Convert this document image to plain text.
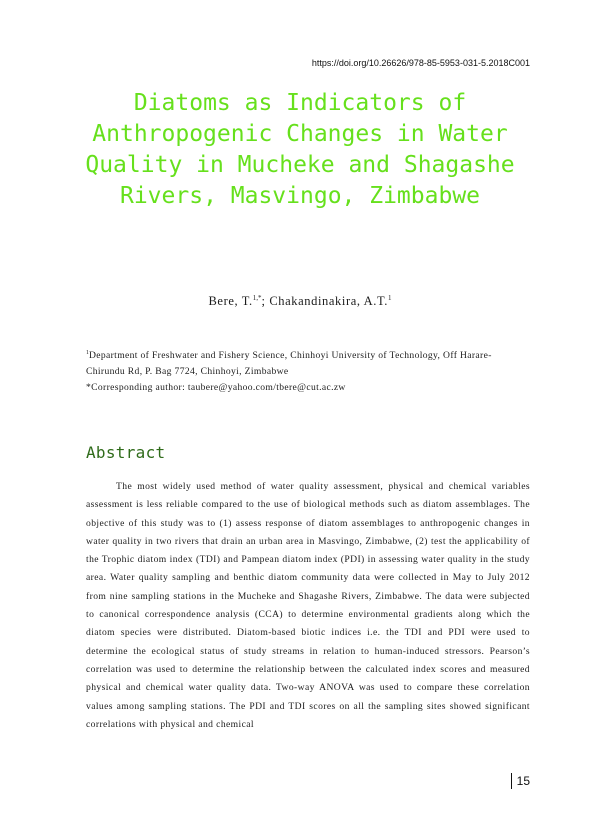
https://doi.org/10.26626/978-85-5953-031-5.2018C001
Diatoms as Indicators of Anthropogenic Changes in Water Quality in Mucheke and Shagashe Rivers, Masvingo, Zimbabwe
Bere, T.$^{1,*}$; Chakandinakira, A.T.$^1$
$^1$Department of Freshwater and Fishery Science, Chinhoyi University of Technology, Off Harare-Chirundu Rd, P. Bag 7724, Chinhoyi, Zimbabwe
*Corresponding author: taubere@yahoo.com/tbere@cut.ac.zw
Abstract

The most widely used method of water quality assessment, physical and chemical variables assessment is less reliable compared to the use of biological methods such as diatom assemblages. The objective of this study was to (1) assess response of diatom assemblages to anthropogenic changes in water quality in two rivers that drain an urban area in Masvingo, Zimbabwe, (2) test the applicability of the Trophic diatom index (TDI) and Pampean diatom index (PDI) in assessing water quality in the study area. Water quality sampling and benthic diatom community data were collected in May to July 2012 from nine sampling stations in the Mucheke and Shagashe Rivers, Zimbabwe. The data were subjected to canonical correspondence analysis (CCA) to determine environmental gradients along which the diatom species were distributed. Diatom-based biotic indices i.e. the TDI and PDI were used to determine the ecological status of study streams in relation to human-induced stressors. Pearson’s correlation was used to determine the relationship between the calculated index scores and measured physical and chemical water quality data. Two-way ANOVA was used to compare these correlation values among sampling stations. The PDI and TDI scores on all the sampling sites showed significant correlations with physical and chemical

15
